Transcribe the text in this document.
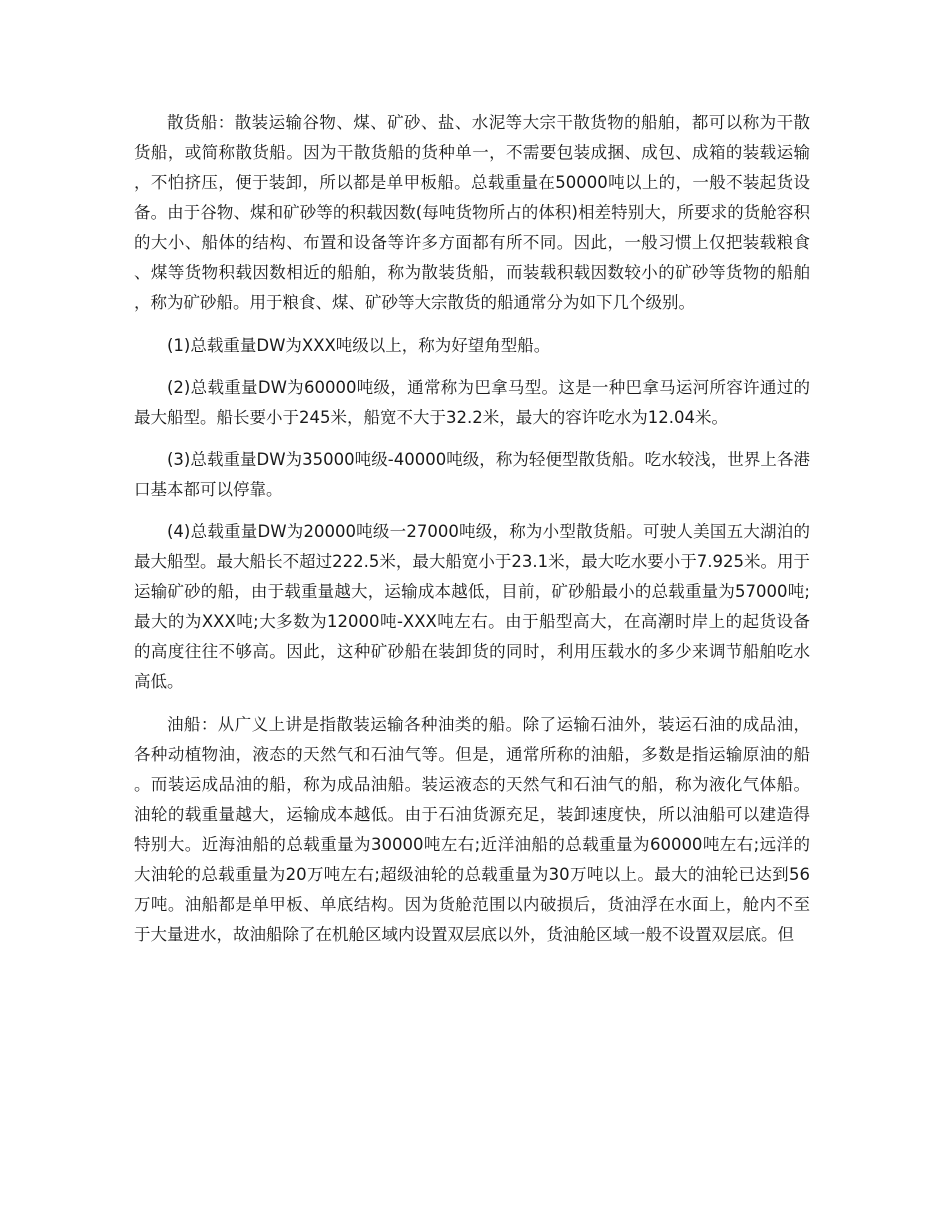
散货船：散装运输谷物、煤、矿砂、盐、水泥等大宗干散货物的船舶，都可以称为干散货船，或简称散货船。因为干散货船的货种单一，不需要包装成捆、成包、成箱的装载运输，不怕挤压，便于装卸，所以都是单甲板船。总载重量在50000吨以上的，一般不装起货设备。由于谷物、煤和矿砂等的积载因数(每吨货物所占的体积)相差特别大，所要求的货舱容积的大小、船体的结构、布置和设备等许多方面都有所不同。因此，一般习惯上仅把装载粮食、煤等货物积载因数相近的船舶，称为散装货船，而装载积载因数较小的矿砂等货物的船舶，称为矿砂船。用于粮食、煤、矿砂等大宗散货的船通常分为如下几个级别。

(1)总载重量DW为XXX吨级以上，称为好望角型船。

(2)总载重量DW为60000吨级，通常称为巴拿马型。这是一种巴拿马运河所容许通过的最大船型。船长要小于245米，船宽不大于32.2米，最大的容许吃水为12.04米。

(3)总载重量DW为35000吨级-40000吨级，称为轻便型散货船。吃水较浅，世界上各港口基本都可以停靠。

(4)总载重量DW为20000吨级一27000吨级，称为小型散货船。可驶人美国五大湖泊的最大船型。最大船长不超过222.5米，最大船宽小于23.1米，最大吃水要小于7.925米。用于运输矿砂的船，由于载重量越大，运输成本越低，目前，矿砂船最小的总载重量为57000吨;最大的为XXX吨;大多数为12000吨-XXX吨左右。由于船型高大，在高潮时岸上的起货设备的高度往往不够高。因此，这种矿砂船在装卸货的同时，利用压载水的多少来调节船舶吃水高低。

油船：从广义上讲是指散装运输各种油类的船。除了运输石油外，装运石油的成品油，各种动植物油，液态的天然气和石油气等。但是，通常所称的油船，多数是指运输原油的船。而装运成品油的船，称为成品油船。装运液态的天然气和石油气的船，称为液化气体船。油轮的载重量越大，运输成本越低。由于石油货源充足，装卸速度快，所以油船可以建造得特别大。近海油船的总载重量为30000吨左右;近洋油船的总载重量为60000吨左右;远洋的大油轮的总载重量为20万吨左右;超级油轮的总载重量为30万吨以上。最大的油轮已达到56万吨。油船都是单甲板、单底结构。因为货舱范围以内破损后，货油浮在水面上，舱内不至于大量进水，故油船除了在机舱区域内设置双层底以外，货油舱区域一般不设置双层底。但
